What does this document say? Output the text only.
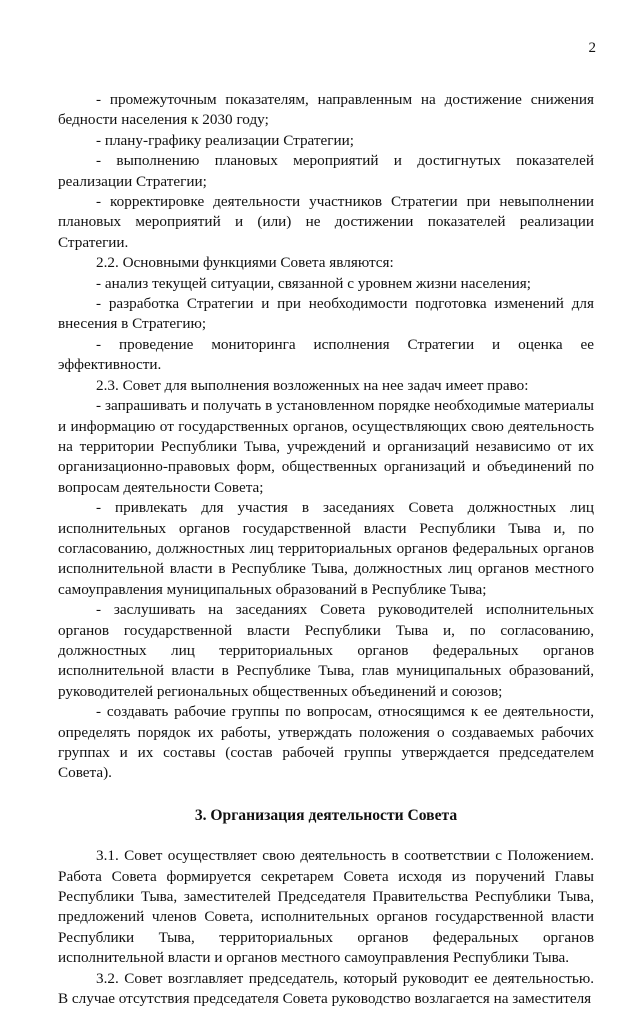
2

- промежуточным показателям, направленным на достижение снижения бедности населения к 2030 году;

- плану-графику реализации Стратегии;

- выполнению плановых мероприятий и достигнутых показателей реализации Стратегии;

- корректировке деятельности участников Стратегии при невыполнении плановых мероприятий и (или) не достижении показателей реализации Стратегии.

2.2. Основными функциями Совета являются:

- анализ текущей ситуации, связанной с уровнем жизни населения;

- разработка Стратегии и при необходимости подготовка изменений для внесения в Стратегию;

- проведение мониторинга исполнения Стратегии и оценка ее эффективности.

2.3. Совет для выполнения возложенных на нее задач имеет право:

- запрашивать и получать в установленном порядке необходимые материалы и информацию от государственных органов, осуществляющих свою деятельность на территории Республики Тыва, учреждений и организаций независимо от их организационно-правовых форм, общественных организаций и объединений по вопросам деятельности Совета;

- привлекать для участия в заседаниях Совета должностных лиц исполнительных органов государственной власти Республики Тыва и, по согласованию, должностных лиц территориальных органов федеральных органов исполнительной власти в Республике Тыва, должностных лиц органов местного самоуправления муниципальных образований в Республике Тыва;

- заслушивать на заседаниях Совета руководителей исполнительных органов государственной власти Республики Тыва и, по согласованию, должностных лиц территориальных органов федеральных органов исполнительной власти в Республике Тыва, глав муниципальных образований, руководителей региональных общественных объединений и союзов;

- создавать рабочие группы по вопросам, относящимся к ее деятельности, определять порядок их работы, утверждать положения о создаваемых рабочих группах и их составы (состав рабочей группы утверждается председателем Совета).

3. Организация деятельности Совета

3.1. Совет осуществляет свою деятельность в соответствии с Положением. Работа Совета формируется секретарем Совета исходя из поручений Главы Республики Тыва, заместителей Председателя Правительства Республики Тыва, предложений членов Совета, исполнительных органов государственной власти Республики Тыва, территориальных органов федеральных органов исполнительной власти и органов местного самоуправления Республики Тыва.

3.2. Совет возглавляет председатель, который руководит ее деятельностью. В случае отсутствия председателя Совета руководство возлагается на заместителя
